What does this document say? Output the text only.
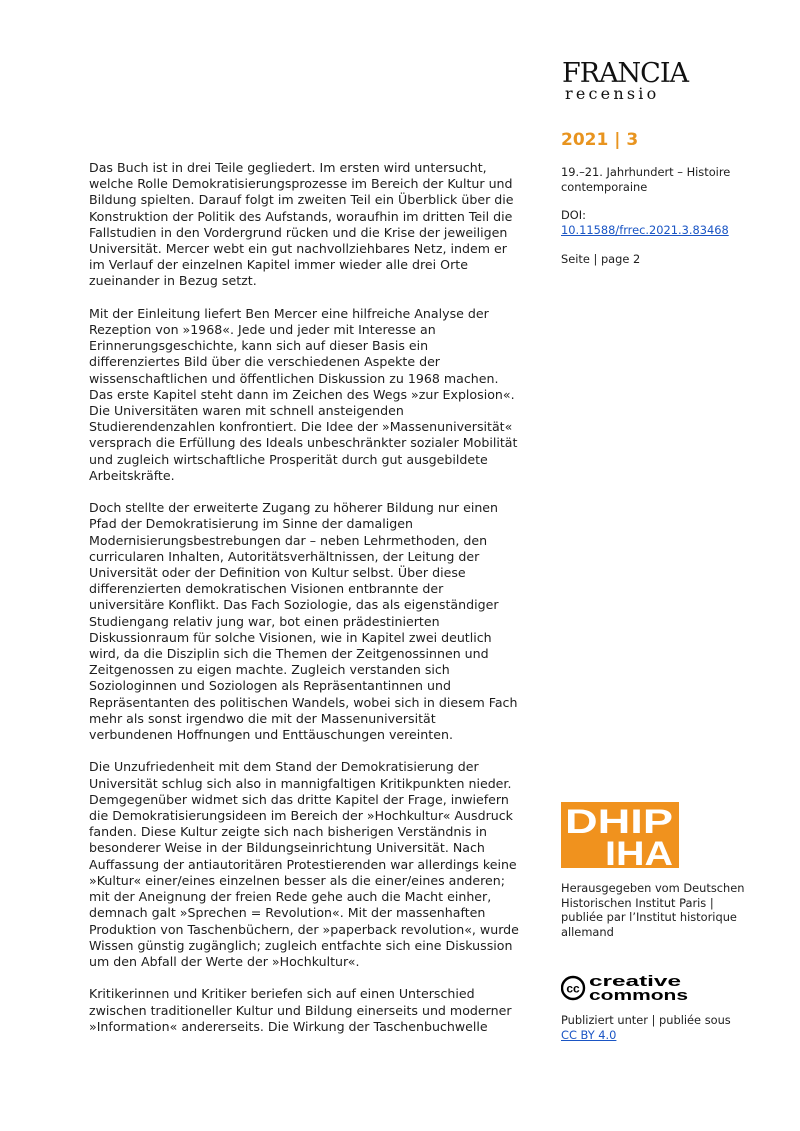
Das Buch ist in drei Teile gegliedert. Im ersten wird untersucht, welche Rolle Demokratisierungsprozesse im Bereich der Kultur und Bildung spielten. Darauf folgt im zweiten Teil ein Überblick über die Konstruktion der Politik des Aufstands, woraufhin im dritten Teil die Fallstudien in den Vordergrund rücken und die Krise der jeweiligen Universität. Mercer webt ein gut nachvollziehbares Netz, indem er im Verlauf der einzelnen Kapitel immer wieder alle drei Orte zueinander in Bezug setzt.

Mit der Einleitung liefert Ben Mercer eine hilfreiche Analyse der Rezeption von »1968«. Jede und jeder mit Interesse an Erinnerungsgeschichte, kann sich auf dieser Basis ein differenziertes Bild über die verschiedenen Aspekte der wissenschaftlichen und öffentlichen Diskussion zu 1968 machen. Das erste Kapitel steht dann im Zeichen des Wegs »zur Explosion«. Die Universitäten waren mit schnell ansteigenden Studierendenzahlen konfrontiert. Die Idee der »Massenuniversität« versprach die Erfüllung des Ideals unbeschränkter sozialer Mobilität und zugleich wirtschaftliche Prosperität durch gut ausgebildete Arbeitskräfte.

Doch stellte der erweiterte Zugang zu höherer Bildung nur einen Pfad der Demokratisierung im Sinne der damaligen Modernisierungsbestrebungen dar – neben Lehrmethoden, den curricularen Inhalten, Autoritätsverhältnissen, der Leitung der Universität oder der Definition von Kultur selbst. Über diese differenzierten demokratischen Visionen entbrannte der universitäre Konflikt. Das Fach Soziologie, das als eigenständiger Studiengang relativ jung war, bot einen prädestinierten Diskussionraum für solche Visionen, wie in Kapitel zwei deutlich wird, da die Disziplin sich die Themen der Zeitgenossinnen und Zeitgenossen zu eigen machte. Zugleich verstanden sich Soziologinnen und Soziologen als Repräsentantinnen und Repräsentanten des politischen Wandels, wobei sich in diesem Fach mehr als sonst irgendwo die mit der Massenuniversität verbundenen Hoffnungen und Enttäuschungen vereinten.

Die Unzufriedenheit mit dem Stand der Demokratisierung der Universität schlug sich also in mannigfaltigen Kritikpunkten nieder. Demgegenüber widmet sich das dritte Kapitel der Frage, inwiefern die Demokratisierungsideen im Bereich der »Hochkultur« Ausdruck fanden. Diese Kultur zeigte sich nach bisherigen Verständnis in besonderer Weise in der Bildungseinrichtung Universität. Nach Auffassung der antiautoritären Protestierenden war allerdings keine »Kultur« einer/eines einzelnen besser als die einer/eines anderen; mit der Aneignung der freien Rede gehe auch die Macht einher, demnach galt »Sprechen = Revolution«. Mit der massenhaften Produktion von Taschenbüchern, der »paperback revolution«, wurde Wissen günstig zugänglich; zugleich entfachte sich eine Diskussion um den Abfall der Werte der »Hochkultur«.

Kritikerinnen und Kritiker beriefen sich auf einen Unterschied zwischen traditioneller Kultur und Bildung einerseits und moderner »Information« andererseits. Die Wirkung der Taschenbuchwelle

FRANCIA
recensio
2021 | 3
19.–21. Jahrhundert – Histoire contemporaine
DOI:
10.11588/frrec.2021.3.83468
Seite | page 2
DHIP
IHA
Herausgegeben vom Deutschen Historischen Institut Paris | publiée par l’Institut historique allemand
cc creative
commons
Publiziert unter | publiée sous
CC BY 4.0
